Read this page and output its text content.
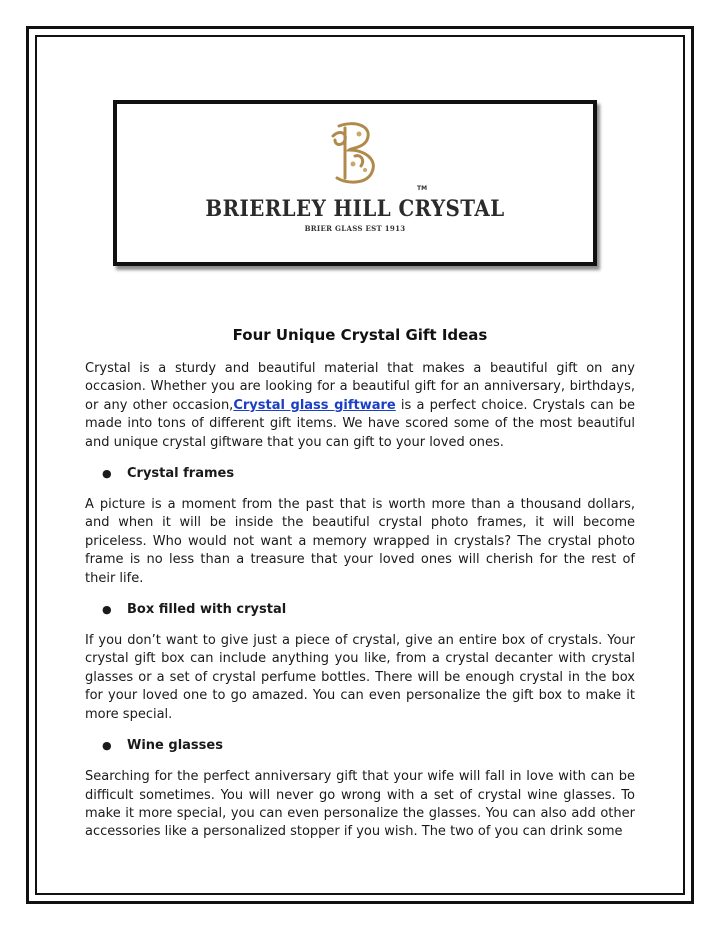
TM
BRIERLEY HILL CRYSTAL
BRIER GLASS EST 1913
Four Unique Crystal Gift Ideas

Crystal is a sturdy and beautiful material that makes a beautiful gift on any occasion. Whether you are looking for a beautiful gift for an anniversary, birthdays, or any other occasion,Crystal glass giftware is a perfect choice. Crystals can be made into tons of different gift items. We have scored some of the most beautiful and unique crystal giftware that you can gift to your loved ones.

● Crystal frames

A picture is a moment from the past that is worth more than a thousand dollars, and when it will be inside the beautiful crystal photo frames, it will become priceless. Who would not want a memory wrapped in crystals? The crystal photo frame is no less than a treasure that your loved ones will cherish for the rest of their life.

● Box filled with crystal

If you don’t want to give just a piece of crystal, give an entire box of crystals. Your crystal gift box can include anything you like, from a crystal decanter with crystal glasses or a set of crystal perfume bottles. There will be enough crystal in the box for your loved one to go amazed. You can even personalize the gift box to make it more special.

● Wine glasses

Searching for the perfect anniversary gift that your wife will fall in love with can be difficult sometimes. You will never go wrong with a set of crystal wine glasses. To make it more special, you can even personalize the glasses. You can also add other accessories like a personalized stopper if you wish. The two of you can drink some
